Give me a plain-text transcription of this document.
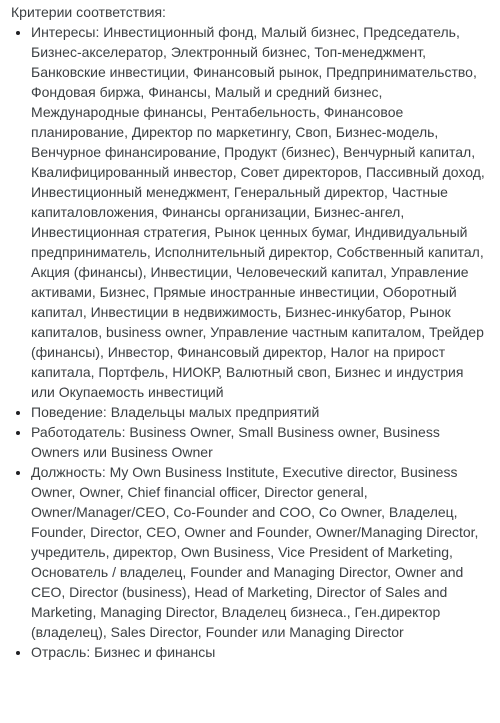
Критерии соответствия:

• Интересы: Инвестиционный фонд, Малый бизнес, Председатель, Бизнес-акселератор, Электронный бизнес, Топ-менеджмент, Банковские инвестиции, Финансовый рынок, Предпринимательство, Фондовая биржа, Финансы, Малый и средний бизнес, Международные финансы, Рентабельность, Финансовое планирование, Директор по маркетингу, Своп, Бизнес-модель, Венчурное финансирование, Продукт (бизнес), Венчурный капитал, Квалифицированный инвестор, Совет директоров, Пассивный доход, Инвестиционный менеджмент, Генеральный директор, Частные капиталовложения, Финансы организации, Бизнес-ангел, Инвестиционная стратегия, Рынок ценных бумаг, Индивидуальный предприниматель, Исполнительный директор, Собственный капитал, Акция (финансы), Инвестиции, Человеческий капитал, Управление активами, Бизнес, Прямые иностранные инвестиции, Оборотный капитал, Инвестиции в недвижимость, Бизнес-инкубатор, Рынок капиталов, business owner, Управление частным капиталом, Трейдер (финансы), Инвестор, Финансовый директор, Налог на прирост капитала, Портфель, НИОКР, Валютный своп, Бизнес и индустрия или Окупаемость инвестиций
• Поведение: Владельцы малых предприятий
• Работодатель: Business Owner, Small Business owner, Business Owners или Business Owner
• Должность: My Own Business Institute, Executive director, Business Owner, Owner, Chief financial officer, Director general, Owner/Manager/CEO, Co-Founder and COO, Co Owner, Владелец, Founder, Director, CEO, Owner and Founder, Owner/Managing Director, учредитель, директор, Own Business, Vice President of Marketing, Основатель / владелец, Founder and Managing Director, Owner and CEO, Director (business), Head of Marketing, Director of Sales and Marketing, Managing Director, Владелец бизнеса., Ген.директор (владелец), Sales Director, Founder или Managing Director
• Отрасль: Бизнес и финансы
